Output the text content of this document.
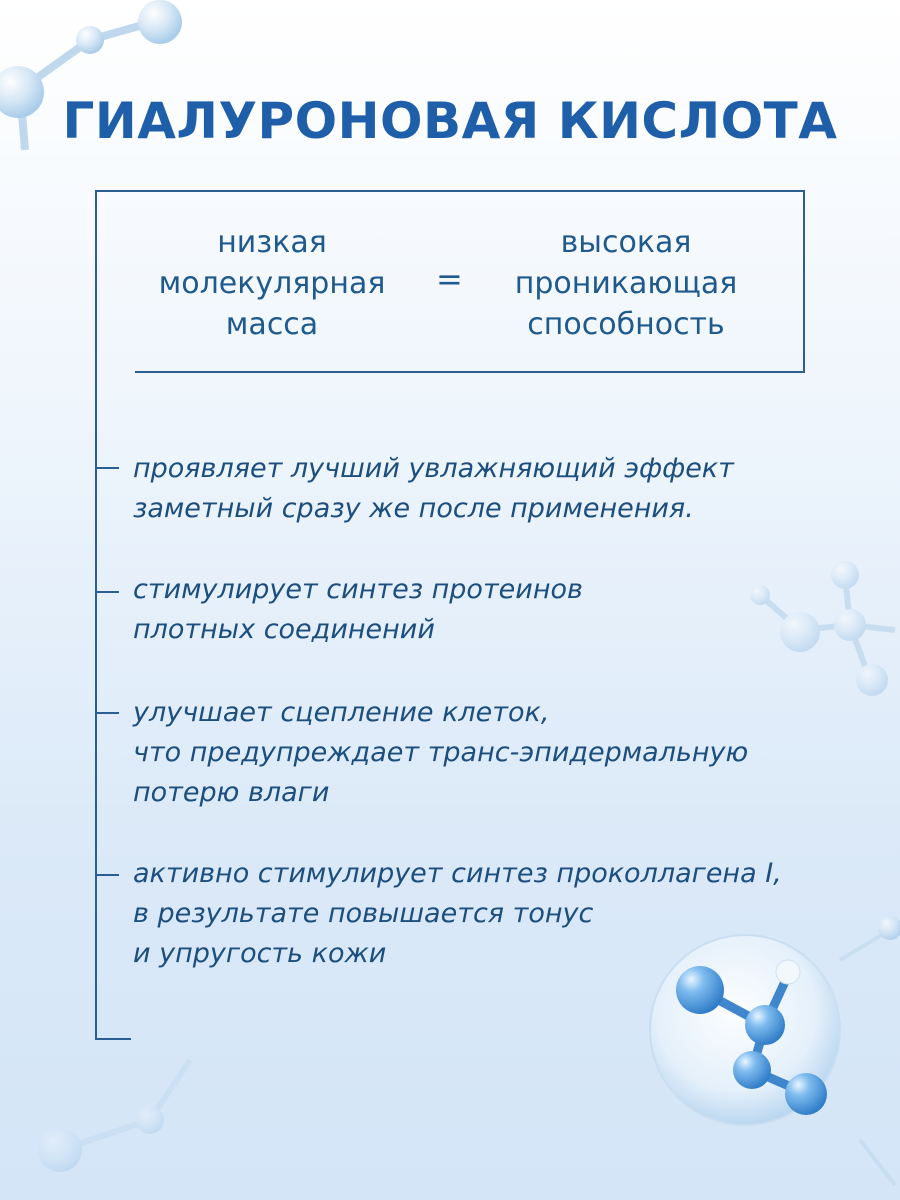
ГИАЛУРОНОВАЯ КИСЛОТА
низкая
молекулярная
масса
=
высокая
проникающая
способность
проявляет лучший увлажняющий эффект
заметный сразу же после применения.
стимулирует синтез протеинов
плотных соединений
улучшает сцепление клеток,
что предупреждает транс-эпидермальную
потерю влаги
активно стимулирует синтез проколлагена I,
в результате повышается тонус
и упругость кожи
